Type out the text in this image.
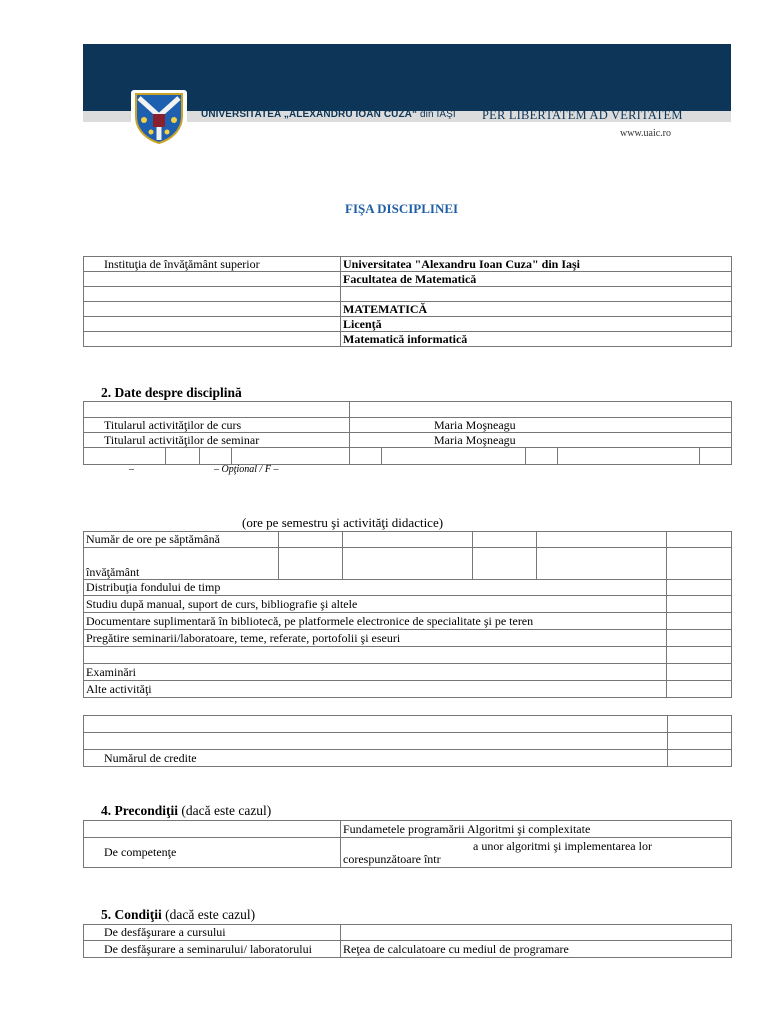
UNIVERSITATEA „ALEXANDRU IOAN CUZA“ din IAŞI PER LIBERTATEM AD VERITATEM
www.uaic.ro
FIŞA DISCIPLINEI
Instituţia de învăţământ superior	Universitatea "Alexandru Ioan Cuza" din Iaşi
	Facultatea de Matematică

	MATEMATICĂ
	Licenţă
	Matematică informatică
2. Date despre disciplină

Titularul activităţilor de curs				Maria Moşneagu				
Titularul activităţilor de seminar				Maria Moşneagu				

–	– Opţional / F –
(ore pe semestru şi activităţi didactice)
Număr de ore pe săptămână					
învăţământ					
Distribuţia fondului de timp					
Studiu după manual, suport de curs, bibliografie şi altele					
Documentare suplimentară în bibliotecă, pe platformele electronice de specialitate şi pe teren					
Pregătire seminarii/laboratoare, teme, referate, portofolii şi eseuri					

Examinări					
Alte activităţi					

Numărul de credite	
4. Precondiţii (dacă este cazul)
	Fundametele programării Algoritmi şi complexitate
De competenţe	a unor algoritmi şi implementarea lor
corespunzătoare într
5. Condiţii (dacă este cazul)
De desfăşurare a cursului	
De desfăşurare a seminarului/ laboratorului	Reţea de calculatoare cu mediul de programare
